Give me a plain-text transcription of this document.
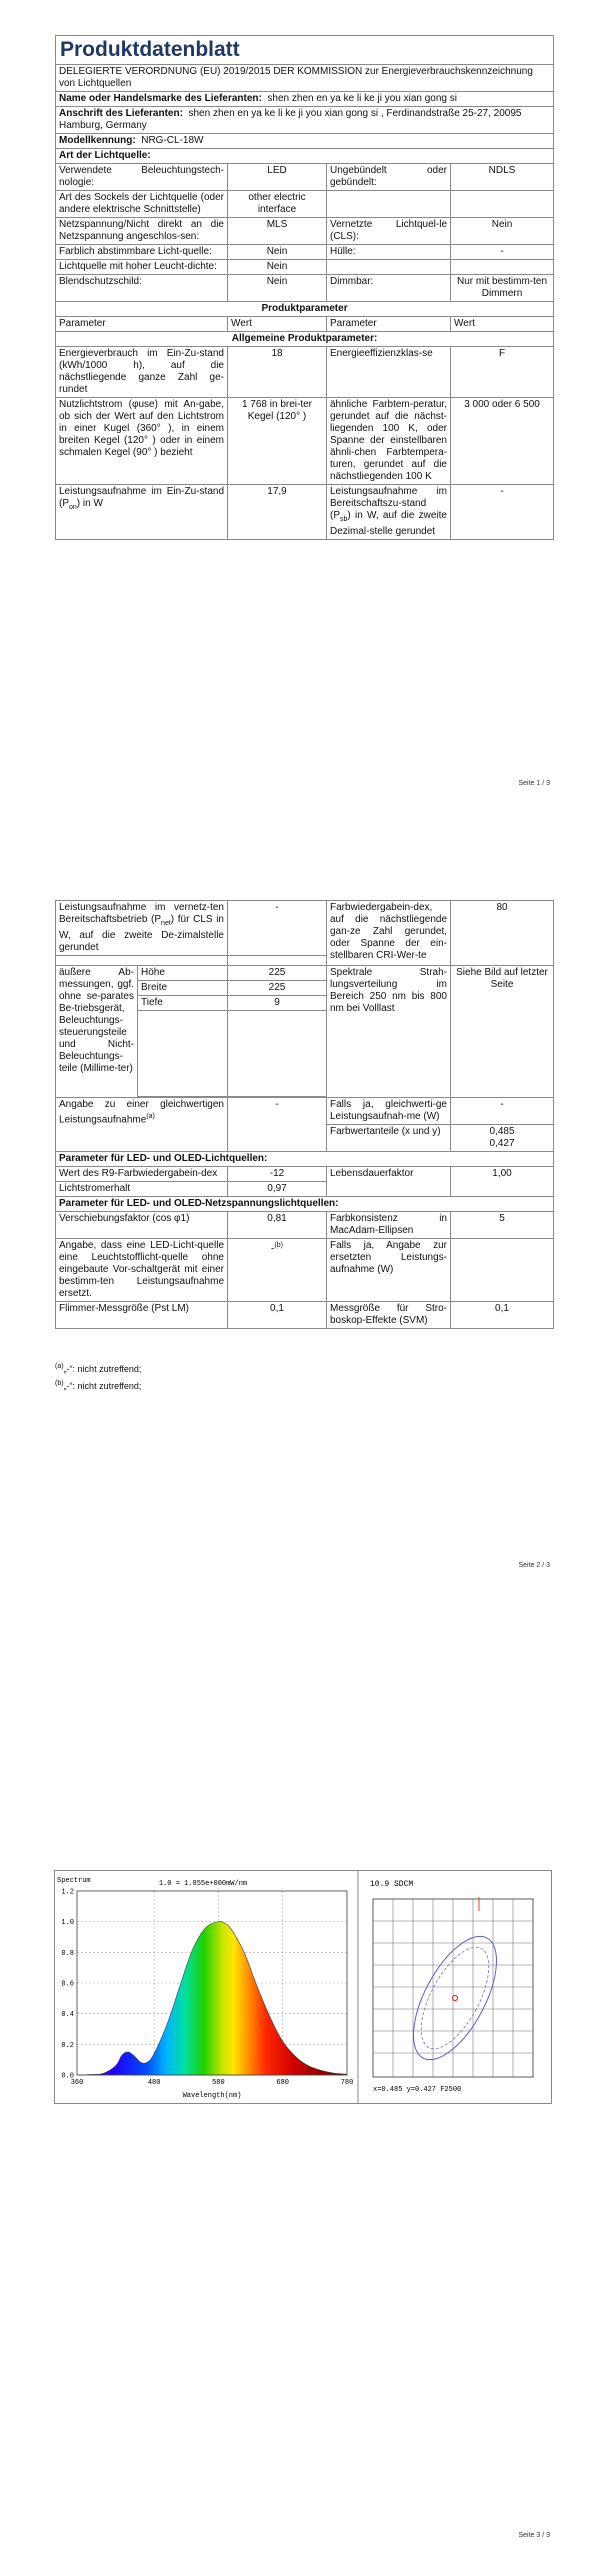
Produktdatenblatt			
DELEGIERTE VERORDNUNG (EU) 2019/2015 DER KOMMISSION zur Energieverbrauchskennzeichnung von Lichtquellen			
Name oder Handelsmarke des Lieferanten: shen zhen en ya ke li ke ji you xian gong si			
Anschrift des Lieferanten: shen zhen en ya ke li ke ji you xian gong si , Ferdinandstraße 25-27, 20095 Hamburg, Germany			
Modellkennung: NRG-CL-18W			
Art der Lichtquelle:			
Verwendete Beleuchtungstech-nologie:	LED	Ungebündelt oder gebündelt:	NDLS
Art des Sockels der Lichtquelle (oder andere elektrische Schnittstelle)	other electric interface		
Netzspannung/Nicht direkt an die Netzspannung angeschlos-sen:	MLS	Vernetzte Lichtquel-le (CLS):	Nein
Farblich abstimmbare Licht-quelle:	Nein	Hülle:	-
Lichtquelle mit hoher Leucht-dichte:	Nein		
Blendschutzschild:	Nein	Dimmbar:	Nur mit bestimm-ten Dimmern
Produktparameter			
Parameter	Wert	Parameter	Wert
Allgemeine Produktparameter:			
Energieverbrauch im Ein-Zu-stand (kWh/1000 h), auf die nächstliegende ganze Zahl ge-rundet	18	Energieeffizienzklas-se	F
Nutzlichtstrom (φuse) mit An-gabe, ob sich der Wert auf den Lichtstrom in einer Kugel (360° ), in einem breiten Kegel (120° ) oder in einem schmalen Kegel (90° ) bezieht	1 768 in brei-ter Kegel (120° )	ähnliche Farbtem-peratur, gerundet auf die nächst-liegenden 100 K, oder Spanne der einstellbaren ähnli-chen Farbtempera-turen, gerundet auf die nächstliegenden 100 K	3 000 oder 6 500
Leistungsaufnahme im Ein-Zu-stand $(P_{on})$ in W	17,9	Leistungsaufnahme im Bereitschaftszu-stand $(P_{sb})$ in W, auf die zweite Dezimal-stelle gerundet	-
Seite 1 / 3
Leistungsaufnahme im vernetz-ten Bereitschaftsbetrieb $(P_{net})$ für CLS in W, auf die zweite De-zimalstelle gerundet		-	Farbwiedergabein-dex, auf die nächstliegende gan-ze Zahl gerundet, oder Spanne der ein-stellbaren CRI-Wer-te	80

äußere Ab-messungen, ggf. ohne se-parates Be-triebsgerät, Beleuchtungs-steuerungsteile und Nicht-Beleuchtungs-teile (Millime-ter)	Höhe	225	Spektrale Strah-lungsverteilung im Bereich 250 nm bis 800 nm bei Volllast	Siehe Bild auf letzter Seite
	Breite	225		
	Tiefe	9		

Angabe zu einer gleichwertigen Leistungsaufnahme$^{(a)}$		-	Falls ja, gleichwerti-ge Leistungsaufnah-me (W)	-
			Farbwertanteile (x und y)	0,485
0,427

Parameter für LED- und OLED-Lichtquellen:				
Wert des R9-Farbwiedergabein-dex		-12	Lebensdauerfaktor	1,00
Lichtstromerhalt		0,97		
Parameter für LED- und OLED-Netzspannungslichtquellen:				
Verschiebungsfaktor (cos φ1)		0,81	Farbkonsistenz in MacAdam-Ellipsen	5
Angabe, dass eine LED-Licht-quelle eine Leuchtstofflicht-quelle ohne eingebaute Vor-schaltgerät mit einer bestimm-ten Leistungsaufnahme ersetzt.		-$^{(b)}$	Falls ja, Angabe zur ersetzten Leistungs-aufnahme (W)	
Flimmer-Messgröße (Pst LM)		0,1	Messgröße für Stro-boskop-Effekte (SVM)	0,1
$^{(a)}$„-“: nicht zutreffend;
$^{(b)}$„-“: nicht zutreffend;
Seite 2 / 3
Spectrum	1.0 = 1.855e+000mW/nm
1.2
1.0
0.8
0.6
0.4
0.2
0.0
360	480	580	680	780
Wavelength(nm)
10.9 SDCM
x=0.485 y=0.427 F2500
Seite 3 / 3
